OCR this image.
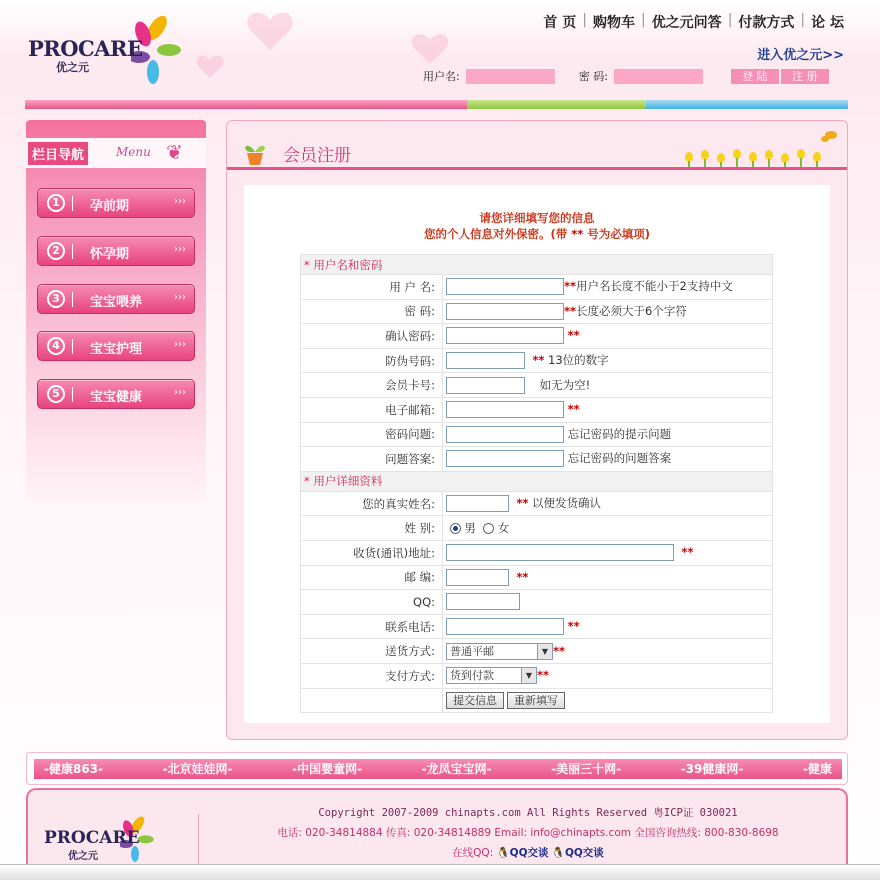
PROCARE
优之元
首 页 | 购物车 | 优之元问答 | 付款方式 | 论 坛
进入优之元>>
用户名:	密 码:	登 陆	注 册
栏目导航	Menu ❦
1	孕前期	›››
2	怀孕期	›››
3	宝宝喂养	›››
4	宝宝护理	›››
5	宝宝健康	›››
会员注册
请您详细填写您的信息
您的个人信息对外保密。(带 ** 号为必填项)
* 用户名和密码	
用 户 名:	**用户名长度不能小于2支持中文
密 码:	**长度必须大于6个字符
确认密码:	**
防伪号码:	** 13位的数字
会员卡号:	如无为空!
电子邮箱:	**
密码问题:	忘记密码的提示问题
问题答案:	忘记密码的问题答案
* 用户详细资料	
您的真实姓名:	** 以便发货确认
姓 别:	男 女
收货(通讯)地址:	**
邮 编:	**
QQ:	
联系电话:	**
送货方式:	普通平邮 ▼ **
支付方式:	货到付款 ▼ **
	提交信息 重新填写
-健康863-	-北京娃娃网-	-中国婴童网-	-龙凤宝宝网-	-美丽三十网-	-39健康网-	-健康
PROCARE
优之元
Copyright 2007-2009 chinapts.com All Rights Reserved 粤ICP证 030021
电话: 020-34814884 传真: 020-34814889 Email: info@chinapts.com 全国咨询热线: 800-830-8698
在线QQ: 🐧QQ交谈 🐧QQ交谈
